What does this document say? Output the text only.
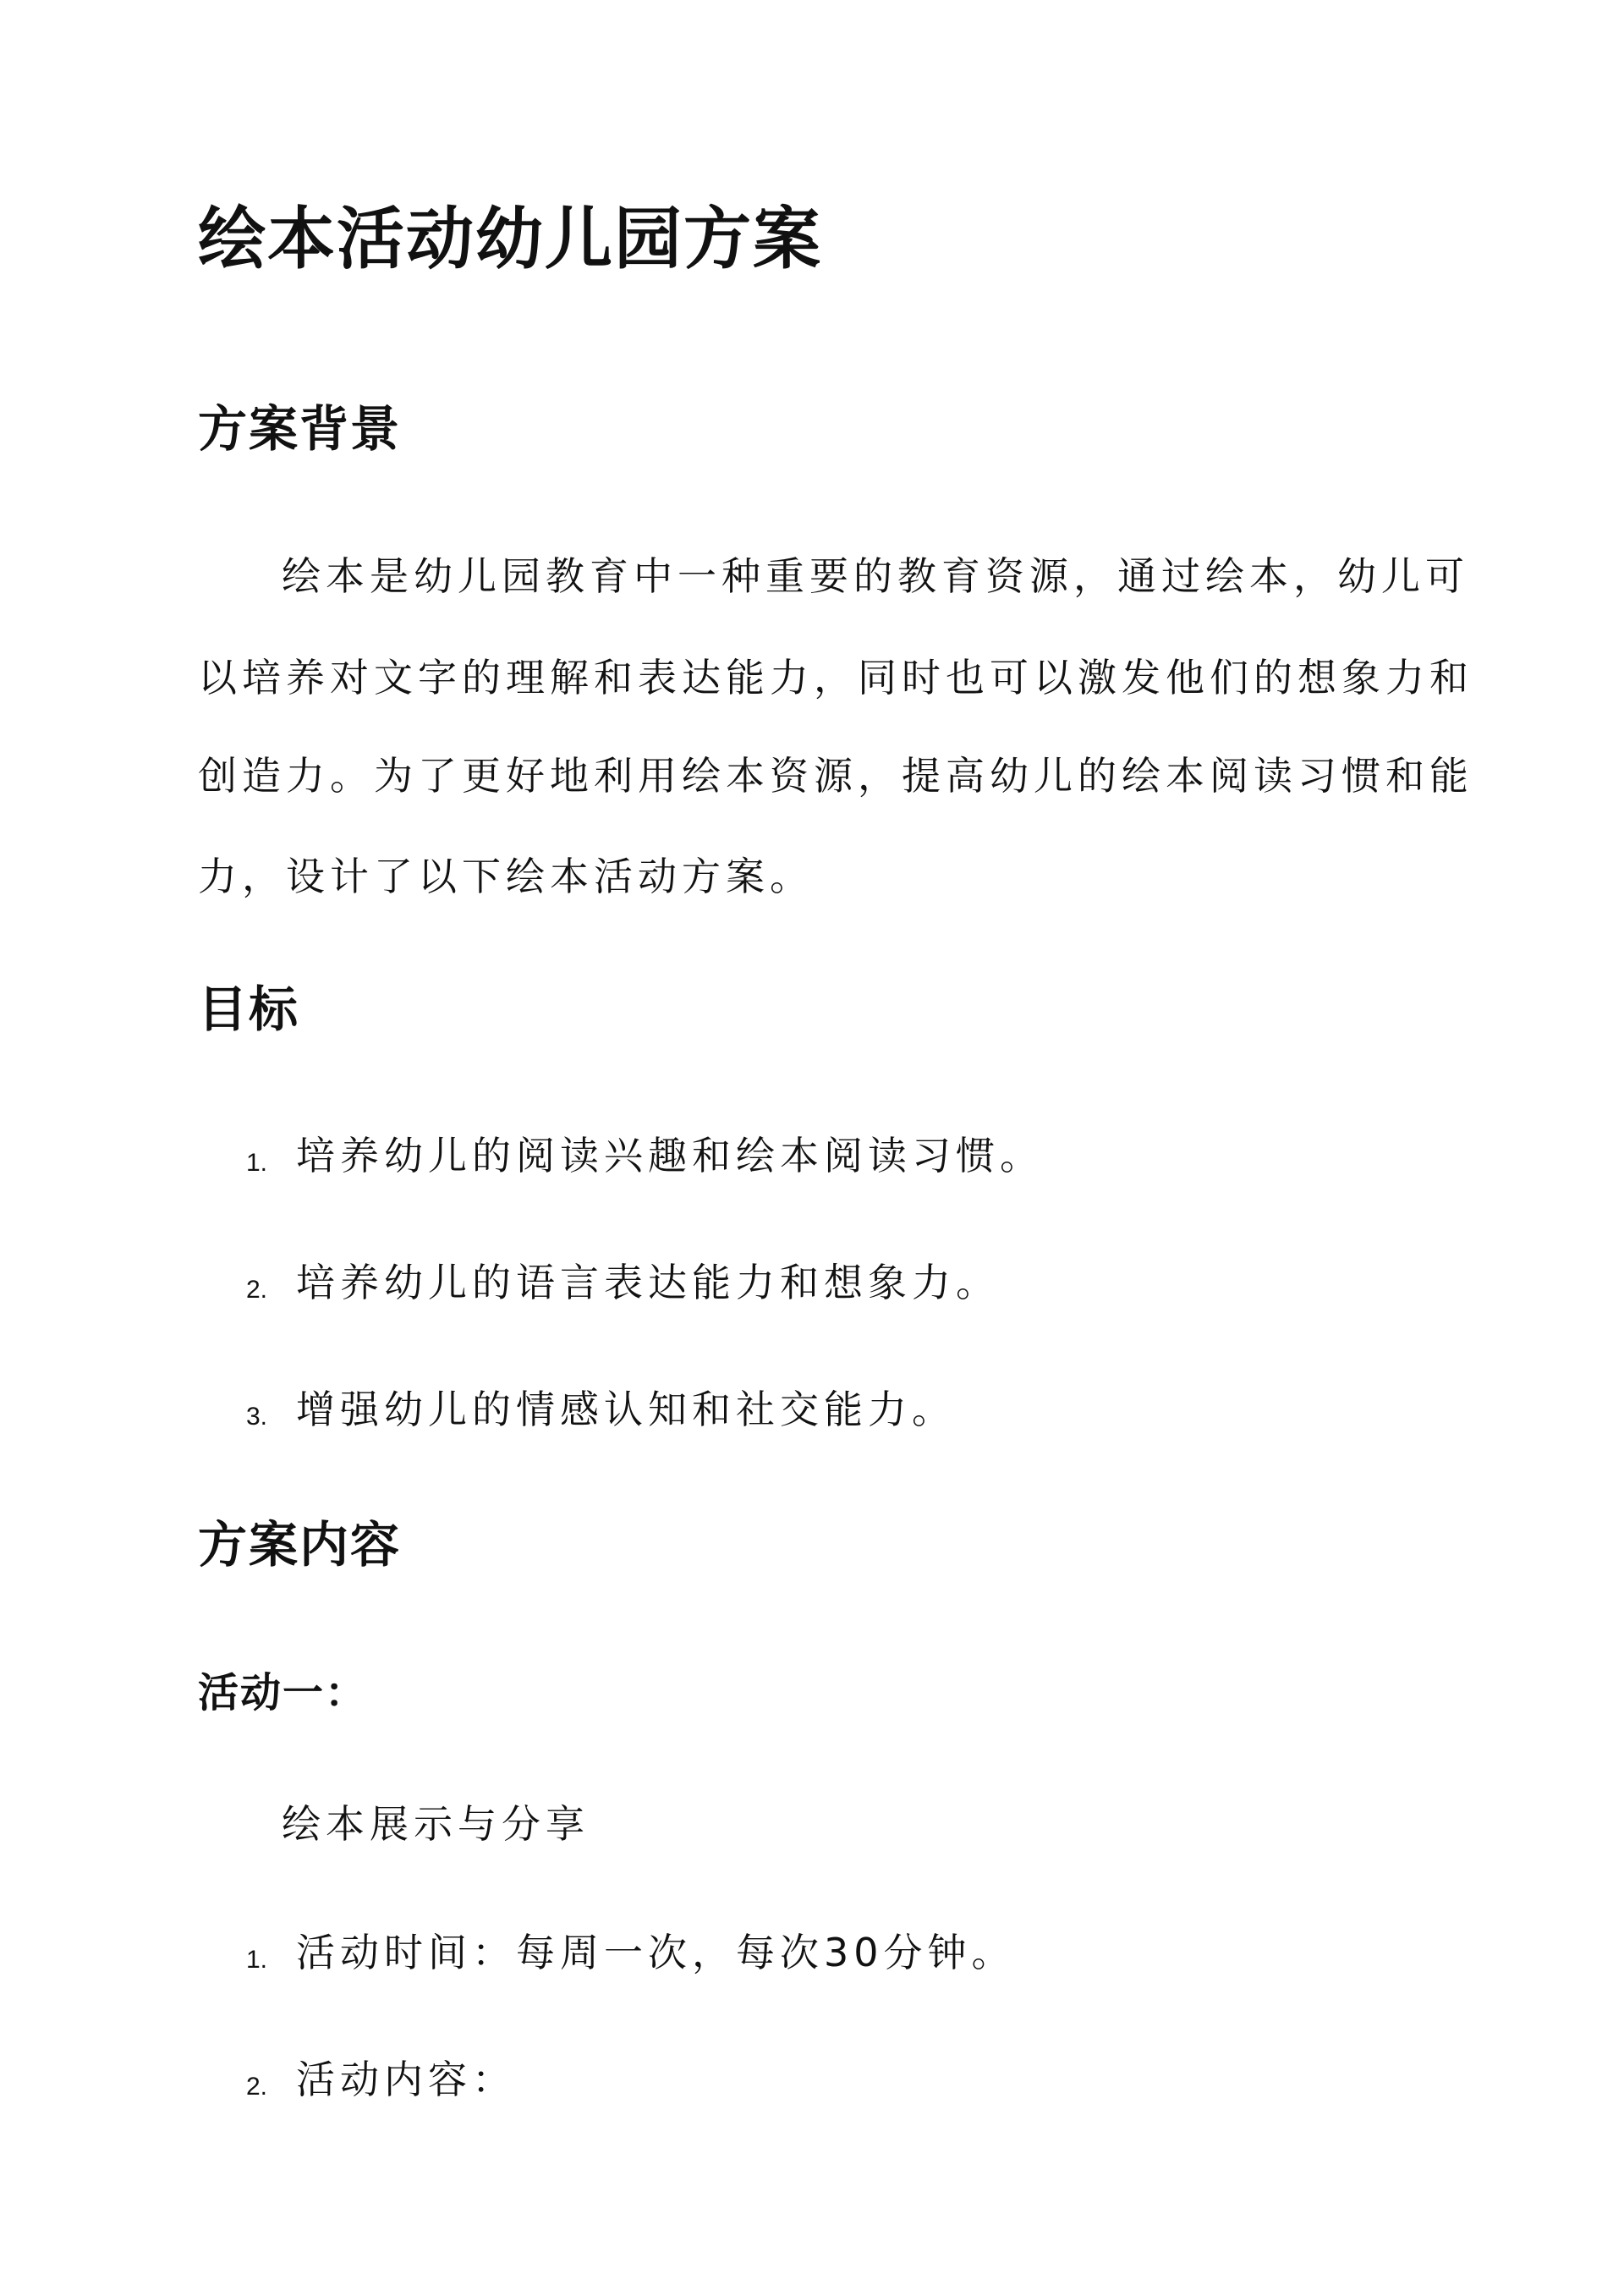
绘本活动幼儿园方案
方案背景

绘本是幼儿园教育中一种重要的教育资源，通过绘本，幼儿可

以培养对文字的理解和表达能力，同时也可以激发他们的想象力和

创造力。为了更好地利用绘本资源，提高幼儿的绘本阅读习惯和能

力，设计了以下绘本活动方案。

目标
1. 培养幼儿的阅读兴趣和绘本阅读习惯。
2. 培养幼儿的语言表达能力和想象力。
3. 增强幼儿的情感认知和社交能力。
方案内容
活动一：

绘本展示与分享

1. 活动时间：每周一次，每次30分钟。
2. 活动内容：
